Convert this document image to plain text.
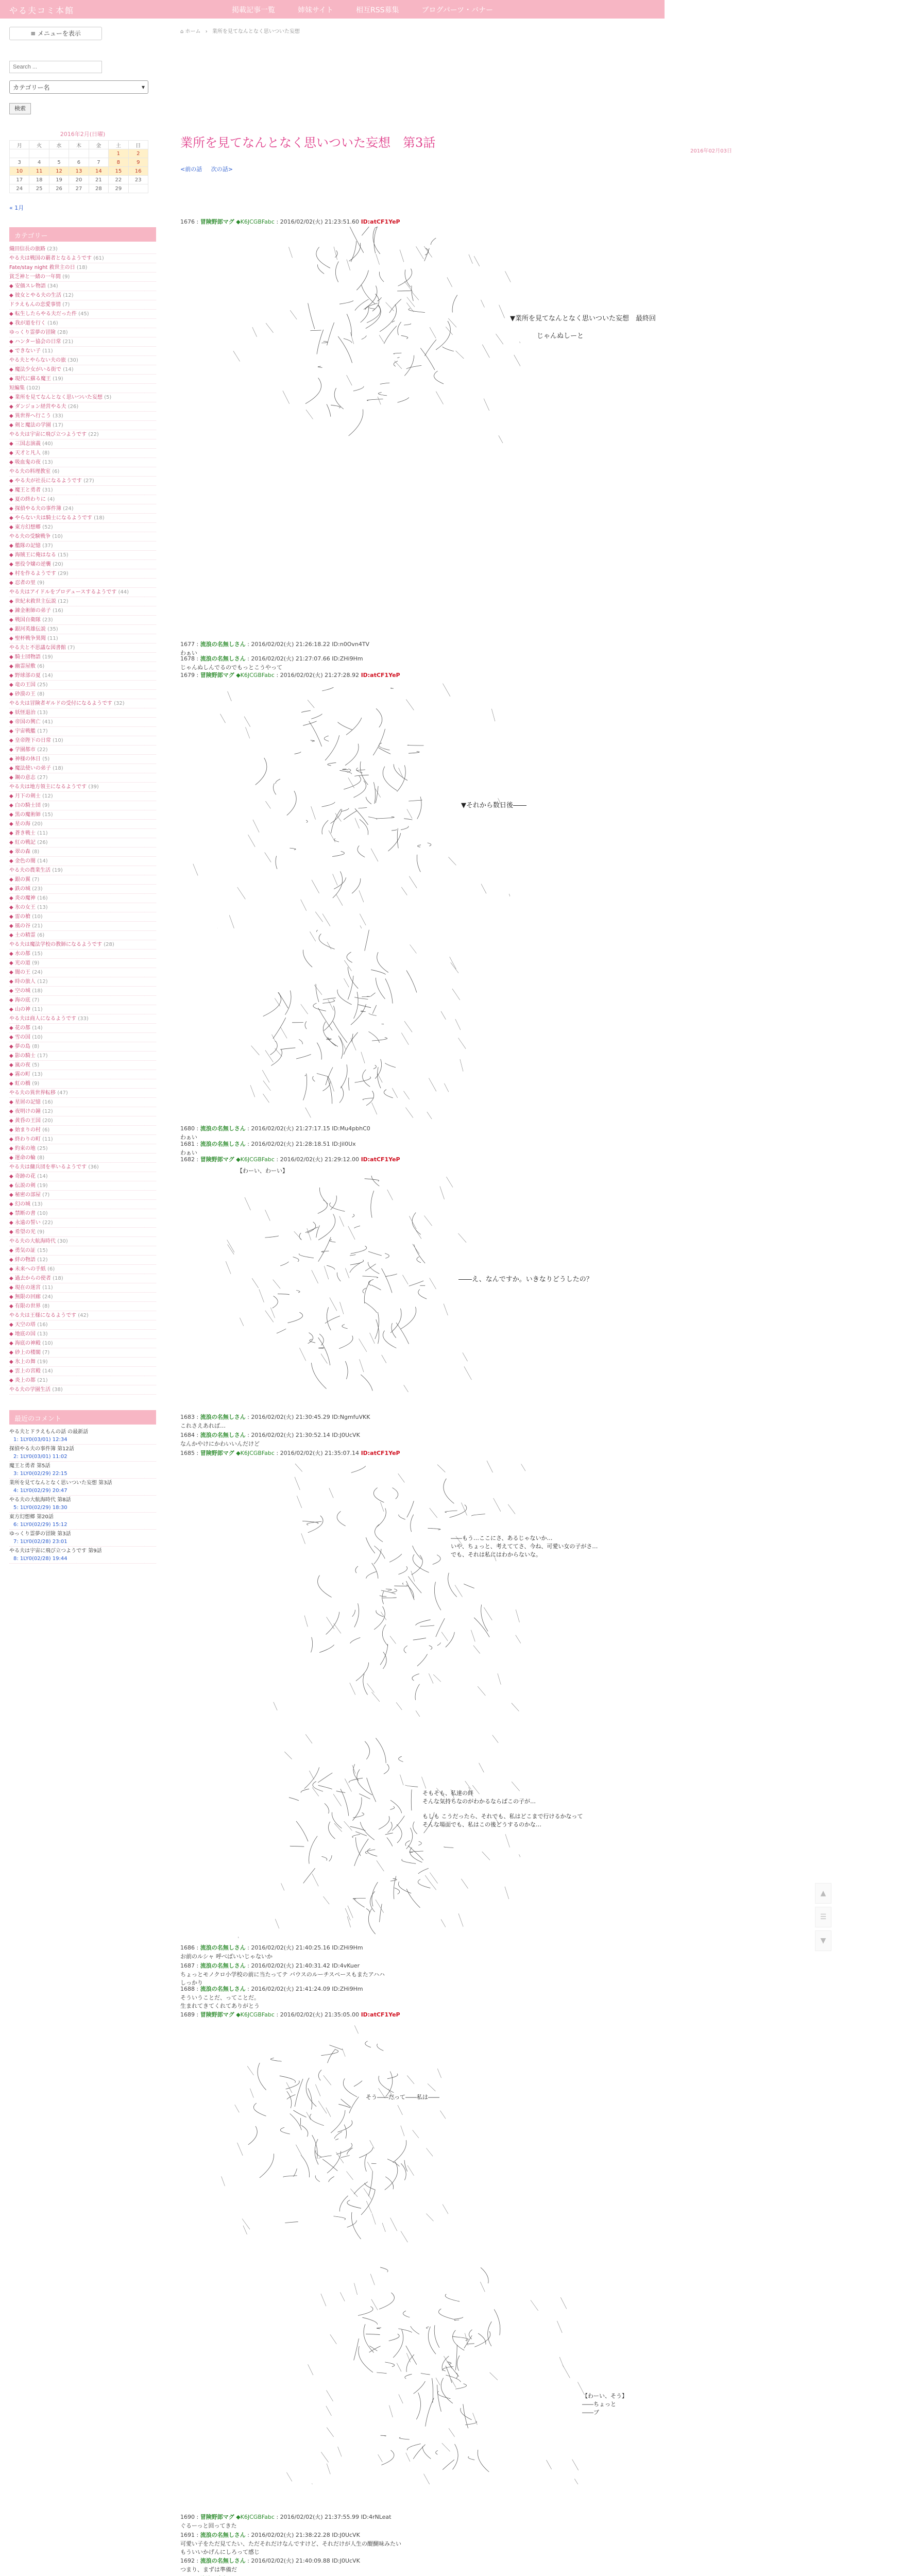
やる夫コミ本館	掲載記事一覧	姉妹サイト	相互RSS募集	ブログパーツ・バナー
≡ メニューを表示
Search ...
カテゴリー名	▾
検索
2016年2月(日曜)
月	火	水	木	金	土	日
					1	2
3	4	5	6	7	8	9
10	11	12	13	14	15	16
17	18	19	20	21	22	23
24	25	26	27	28	29	
« 1月
カテゴリー
織田信長の旅路 (23)
やる夫は戦国の覇者となるようです (61)
Fate/stay night 救世主の日 (18)
貧乏神と一緒の一年間 (9)
◆ 安価スレ物語 (34)
◆ 彼女とやる夫の生活 (12)
ドラえもんの恋愛事情 (7)
◆ 転生したらやる夫だった件 (45)
◆ 我が道を行く (16)
ゆっくり霊夢の冒険 (28)
◆ ハンター協会の日常 (21)
◆ できない子 (11)
やる夫とやらない夫の旅 (30)
◆ 魔法少女がいる街で (14)
◆ 現代に蘇る魔王 (19)
短編集 (102)
◆ 業所を見てなんとなく思いついた妄想 (5)
◆ ダンジョン経営やる夫 (26)
◆ 異世界へ行こう (33)
◆ 剣と魔法の学園 (17)
やる夫は宇宙に飛び立つようです (22)
◆ 三国志演義 (40)
◆ 天才と凡人 (8)
◆ 吸血鬼の夜 (13)
やる夫の料理教室 (6)
◆ やる夫が社長になるようです (27)
◆ 魔王と勇者 (31)
◆ 夏の終わりに (4)
◆ 探偵やる夫の事件簿 (24)
◆ やらない夫は騎士になるようです (18)
◆ 東方幻想郷 (52)
やる夫の受験戦争 (10)
◆ 艦隊の記憶 (37)
◆ 海賊王に俺はなる (15)
◆ 悪役令嬢の逆襲 (20)
◆ 村を作るようです (29)
◆ 忍者の里 (9)
やる夫はアイドルをプロデュースするようです (44)
◆ 世紀末救世主伝説 (12)
◆ 錬金術師の弟子 (16)
◆ 戦国自衛隊 (23)
◆ 銀河英雄伝説 (35)
◆ 聖杯戦争異聞 (11)
やる夫と不思議な図書館 (7)
◆ 騎士団物語 (19)
◆ 幽霊屋敷 (6)
◆ 野球部の夏 (14)
◆ 竜の王国 (25)
◆ 砂漠の王 (8)
やる夫は冒険者ギルドの受付になるようです (32)
◆ 妖怪退治 (13)
◆ 帝国の興亡 (41)
◆ 宇宙戦艦 (17)
◆ 皇帝陛下の日常 (10)
◆ 学園都市 (22)
◆ 神様の休日 (5)
◆ 魔法使いの弟子 (18)
◆ 鋼の意志 (27)
やる夫は地方領主になるようです (39)
◆ 月下の剣士 (12)
◆ 白の騎士団 (9)
◆ 黒の魔術師 (15)
◆ 星の海 (20)
◆ 蒼き戦士 (11)
◆ 紅の戦記 (26)
◆ 翠の森 (8)
◆ 金色の闇 (14)
やる夫の農業生活 (19)
◆ 銀の翼 (7)
◆ 鉄の城 (23)
◆ 炎の魔神 (16)
◆ 氷の女王 (13)
◆ 雷の槍 (10)
◆ 風の谷 (21)
◆ 土の精霊 (6)
やる夫は魔法学校の教師になるようです (28)
◆ 水の都 (15)
◆ 光の道 (9)
◆ 闇の王 (24)
◆ 時の旅人 (12)
◆ 空の城 (18)
◆ 海の底 (7)
◆ 山の神 (11)
やる夫は商人になるようです (33)
◆ 花の都 (14)
◆ 雪の国 (10)
◆ 夢の島 (8)
◆ 影の騎士 (17)
◆ 嵐の夜 (5)
◆ 霧の町 (13)
◆ 虹の橋 (9)
やる夫の異世界転移 (47)
◆ 星屑の記憶 (16)
◆ 夜明けの鐘 (12)
◆ 黄昏の王国 (20)
◆ 始まりの村 (6)
◆ 終わりの町 (11)
◆ 約束の地 (25)
◆ 運命の輪 (8)
やる夫は傭兵団を率いるようです (36)
◆ 奇跡の花 (14)
◆ 伝説の剣 (19)
◆ 秘密の部屋 (7)
◆ 幻の城 (13)
◆ 禁断の書 (10)
◆ 永遠の誓い (22)
◆ 希望の光 (9)
やる夫の大航海時代 (30)
◆ 勇気の証 (15)
◆ 絆の物語 (12)
◆ 未来への手紙 (6)
◆ 過去からの使者 (18)
◆ 現在の迷宮 (11)
◆ 無限の回廊 (24)
◆ 有限の世界 (8)
やる夫は王様になるようです (42)
◆ 天空の塔 (16)
◆ 地底の国 (13)
◆ 海底の神殿 (10)
◆ 砂上の楼閣 (7)
◆ 氷上の舞 (19)
◆ 雲上の宮殿 (14)
◆ 炎上の都 (21)
やる夫の学園生活 (38)
最近のコメント
やる夫とドラえもんの話 の最新話
1: 1LY0(03/01) 12:34
探偵やる夫の事件簿 第12話
2: 1LY0(03/01) 11:02
魔王と勇者 第5話
3: 1LY0(02/29) 22:15
業所を見てなんとなく思いついた妄想 第3話
4: 1LY0(02/29) 20:47
やる夫の大航海時代 第8話
5: 1LY0(02/29) 18:30
東方幻想郷 第20話
6: 1LY0(02/29) 15:12
ゆっくり霊夢の冒険 第3話
7: 1LY0(02/28) 23:01
やる夫は宇宙に飛び立つようです 第9話
8: 1LY0(02/28) 19:44
⌂ ホーム › 業所を見てなんとなく思いついた妄想
業所を見てなんとなく思いついた妄想　第3話
2016年02月03日
<前の話 次の話>
1676 : 冒険野郎マグ ◆K6JCGBFabc : 2016/02/02(火) 21:23:51.60 ID:atCF1YeP
▼業所を見てなんとなく思いついた妄想　最終回

　　　　じゃんぬしーと
1677 : 流浪の名無しさん : 2016/02/02(火) 21:26:18.22 ID:n0Ovn4TV
わぁい
1678 : 流浪の名無しさん : 2016/02/02(火) 21:27:07.66 ID:ZHi9Hm
じゃんぬしんでるのでもっとこうやって
1679 : 冒険野郎マグ ◆K6JCGBFabc : 2016/02/02(火) 21:27:28.92 ID:atCF1YeP
▼それから数日後――
1680 : 流浪の名無しさん : 2016/02/02(火) 21:27:17.15 ID:Mu4pbhC0
わぁい
1681 : 流浪の名無しさん : 2016/02/02(火) 21:28:18.51 ID:Jil0Ux
わぁい
1682 : 冒険野郎マグ ◆K6JCGBFabc : 2016/02/02(火) 21:29:12.00 ID:atCF1YeP
【わーい、わーい】
――え、なんですか。いきなりどうしたの？
1683 : 流浪の名無しさん : 2016/02/02(火) 21:30:45.29 ID:NgmfuVKK
これさえあれば…
1684 : 流浪の名無しさん : 2016/02/02(火) 21:30:52.14 ID:J0UcVK
なんかやけにかわいいんだけど
1685 : 冒険野郎マグ ◆K6JCGBFabc : 2016/02/02(火) 21:35:07.14 ID:atCF1YeP
――もう…ここにさ、あるじゃないか…
いや、ちょっと、考えててさ、今ね、可愛い女の子がさ…
でも、それは私にはわからないな。
そもそも、私達の絆
そんな気持ちなのがわかるならばこの子が…

もしも こうだったら、それでも、私はどこまで行けるかなって
そんな場面でも、私はこの後どうするのかな…
1686 : 流浪の名無しさん : 2016/02/02(火) 21:40:25.16 ID:ZHi9Hm
お前のルシャ 呼べばいいじゃないか
1687 : 流浪の名無しさん : 2016/02/02(火) 21:40:31.42 ID:4vKuer
ちょっとモノクロ小学校の前に当たってテ バウスのルーチスペースもまたアハハ
しっかり
1688 : 流浪の名無しさん : 2016/02/02(火) 21:41:24.09 ID:ZHi9Hm
そういうことだ、ってことだ。
生まれてきてくれてありがとう
1689 : 冒険野郎マグ ◆K6JCGBFabc : 2016/02/02(火) 21:35:05.00 ID:atCF1YeP
そう――だって――私は――
【わーい、そう】
――ちょっと
――ブ
1690 : 冒険野郎マグ ◆K6JCGBFabc : 2016/02/02(火) 21:37:55.99 ID:4rNLeat
ぐるーっと回ってきた
1691 : 流浪の名無しさん : 2016/02/02(火) 21:38:22.28 ID:J0UcVK
可愛い子をただ見てたい、ただそれだけなんですけど、それだけが人生の醍醐味みたい
もういいかげんにしろって感じ
1692 : 流浪の名無しさん : 2016/02/02(火) 21:40:09.88 ID:J0UcVK
つまり、まずは準備だ
▲
☰
▼
